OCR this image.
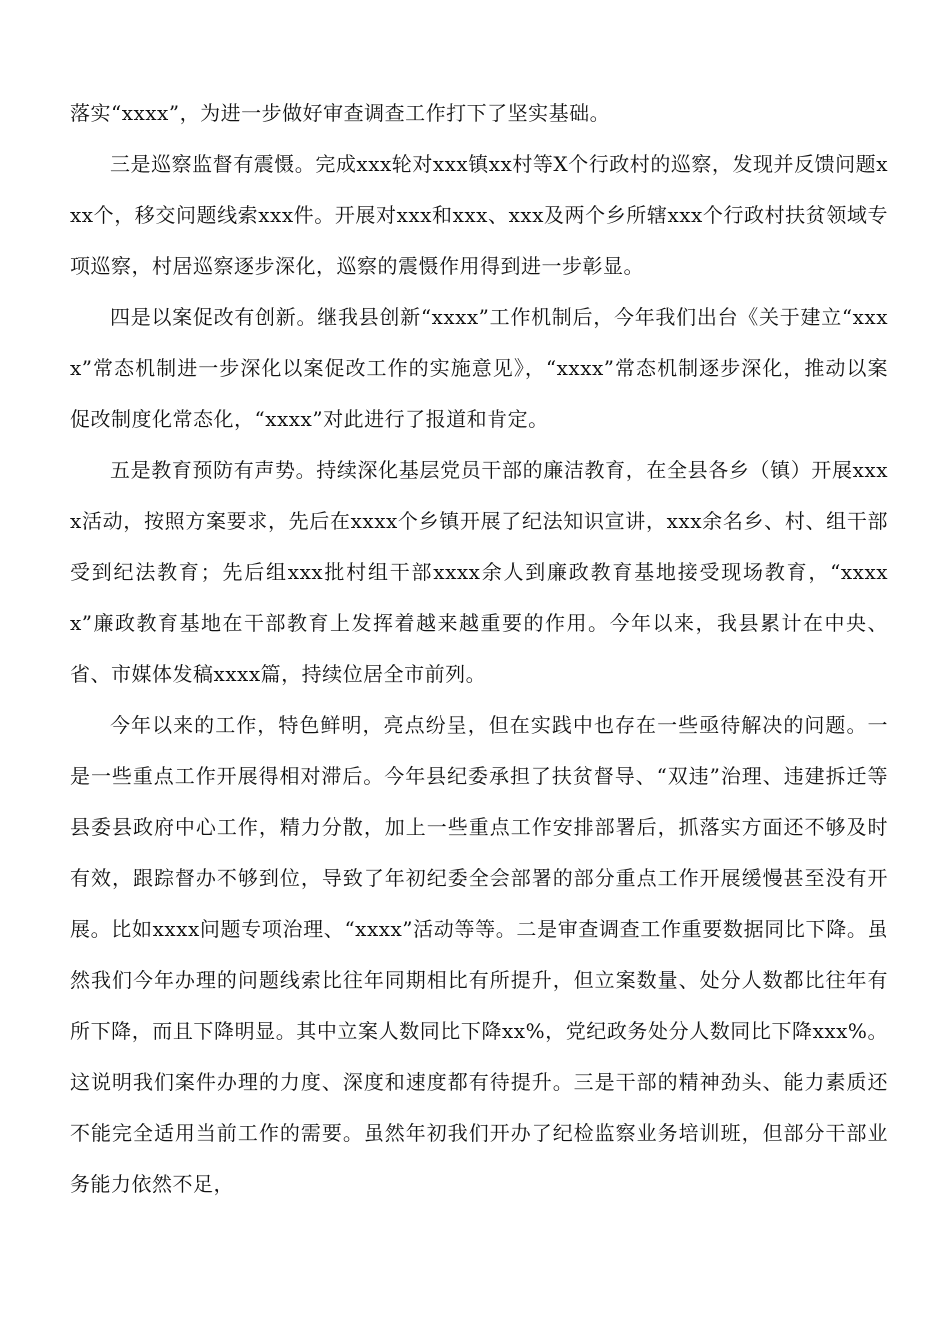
落实“xxxx”，为进一步做好审查调查工作打下了坚实基础。

三是巡察监督有震慑。完成xxx轮对xxx镇xx村等X个行政村的巡察，发现并反馈问题xxx个，移交问题线索xxx件。开展对xxx和xxx、xxx及两个乡所辖xxx个行政村扶贫领域专项巡察，村居巡察逐步深化，巡察的震慑作用得到进一步彰显。

四是以案促改有创新。继我县创新“xxxx”工作机制后，今年我们出台《关于建立“xxxx”常态机制进一步深化以案促改工作的实施意见》，“xxxx”常态机制逐步深化，推动以案促改制度化常态化，“xxxx”对此进行了报道和肯定。

五是教育预防有声势。持续深化基层党员干部的廉洁教育，在全县各乡（镇）开展xxxx活动，按照方案要求，先后在xxxx个乡镇开展了纪法知识宣讲，xxx余名乡、村、组干部受到纪法教育；先后组xxx批村组干部xxxx余人到廉政教育基地接受现场教育，“xxxxx”廉政教育基地在干部教育上发挥着越来越重要的作用。今年以来，我县累计在中央、省、市媒体发稿xxxx篇，持续位居全市前列。

今年以来的工作，特色鲜明，亮点纷呈，但在实践中也存在一些亟待解决的问题。一是一些重点工作开展得相对滞后。今年县纪委承担了扶贫督导、“双违”治理、违建拆迁等县委县政府中心工作，精力分散，加上一些重点工作安排部署后，抓落实方面还不够及时有效，跟踪督办不够到位，导致了年初纪委全会部署的部分重点工作开展缓慢甚至没有开展。比如xxxx问题专项治理、“xxxx”活动等等。二是审查调查工作重要数据同比下降。虽然我们今年办理的问题线索比往年同期相比有所提升，但立案数量、处分人数都比往年有所下降，而且下降明显。其中立案人数同比下降xx%，党纪政务处分人数同比下降xxx%。这说明我们案件办理的力度、深度和速度都有待提升。三是干部的精神劲头、能力素质还不能完全适用当前工作的需要。虽然年初我们开办了纪检监察业务培训班，但部分干部业务能力依然不足，
